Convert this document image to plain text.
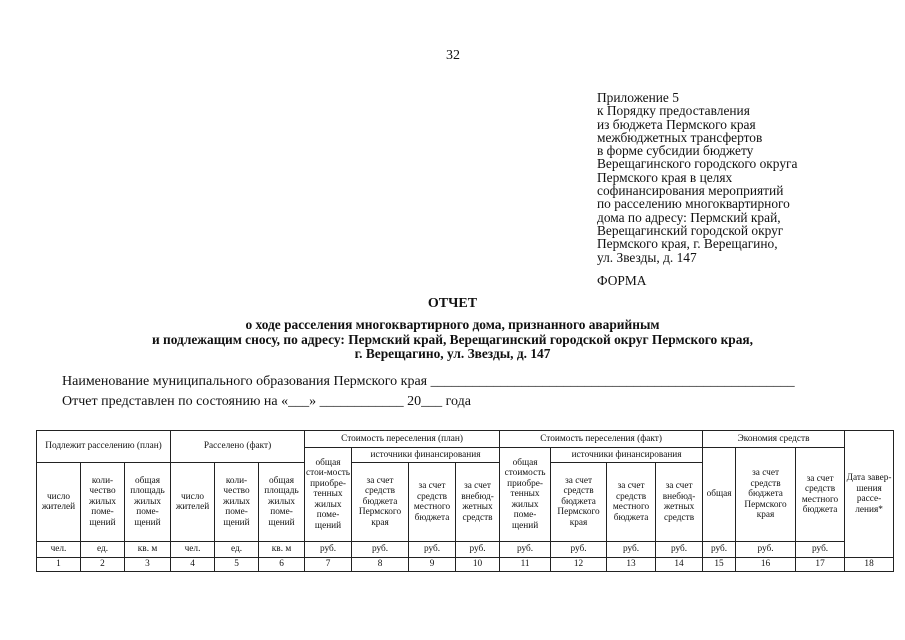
32
Приложение 5
к Порядку предоставления
из бюджета Пермского края
межбюджетных трансфертов
в форме субсидии бюджету
Верещагинского городского округа
Пермского края в целях
софинансирования мероприятий
по расселению многоквартирного
дома по адресу: Пермский край,
Верещагинский городской округ
Пермского края, г. Верещагино,
ул. Звезды, д. 147
ФОРМА
ОТЧЕТ
о ходе расселения многоквартирного дома, признанного аварийным
и подлежащим сносу, по адресу: Пермский край, Верещагинский городской округ Пермского края,
г. Верещагино, ул. Звезды, д. 147
Наименование муниципального образования Пермского края ____________________________________________________
Отчет представлен по состоянию на «___» ____________ 20___ года
Подлежит расселению (план)			Расселено (факт)			Стоимость переселения (план)				Стоимость переселения (факт)				Экономия средств			Дата завер-шения рассе-ления*
						общая стои-мость приобре-тенных жилых поме-щений	источники финансирования			общая стоимость приобре-тенных жилых поме-щений	источники финансирования			общая	за счет средств бюджета Пермского края	за счет средств местного бюджета	
число жителей	коли-чество жилых поме-щений	общая площадь жилых поме-щений	число жителей	коли-чество жилых поме-щений	общая площадь жилых поме-щений		за счет средств бюджета Пермского края	за счет средств местного бюджета	за счет внебюд-жетных средств		за счет средств бюджета Пермского края	за счет средств местного бюджета	за счет внебюд-жетных средств				
чел.	ед.	кв. м	чел.	ед.	кв. м	руб.	руб.	руб.	руб.	руб.	руб.	руб.	руб.	руб.	руб.	руб.	
1	2	3	4	5	6	7	8	9	10	11	12	13	14	15	16	17	18
